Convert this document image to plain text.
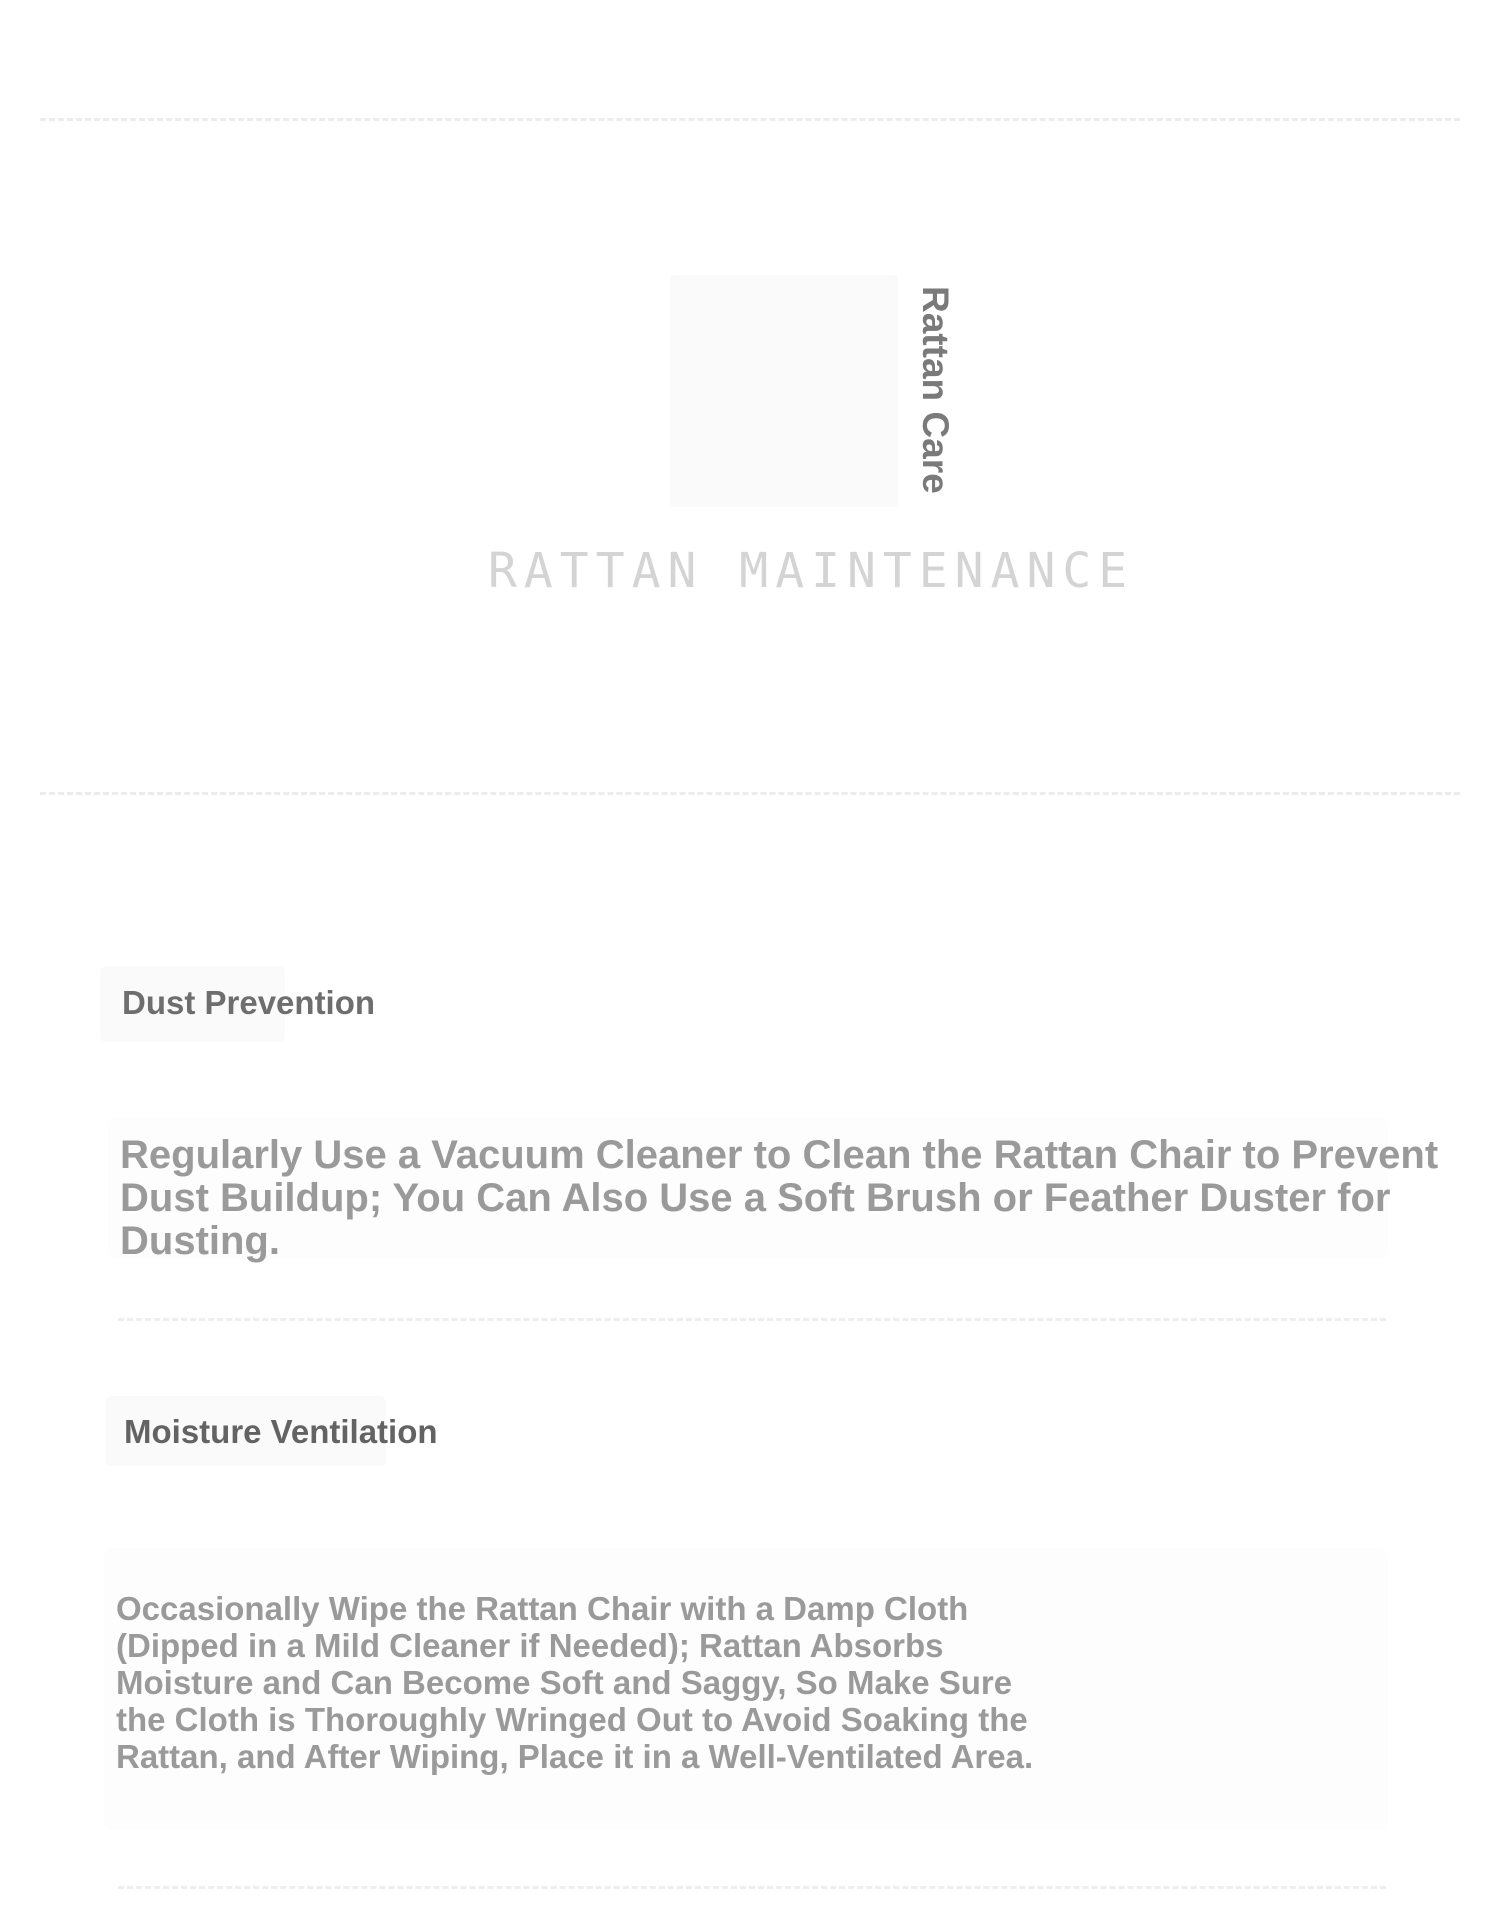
Rattan Care
RATTAN MAINTENANCE
Dust Prevention
Regularly Use a Vacuum Cleaner to Clean the Rattan Chair to Prevent Dust Buildup; You Can Also Use a Soft Brush or Feather Duster for Dusting.
Moisture Ventilation
Occasionally Wipe the Rattan Chair with a Damp Cloth (Dipped in a Mild Cleaner if Needed); Rattan Absorbs Moisture and Can Become Soft and Saggy, So Make Sure the Cloth is Thoroughly Wringed Out to Avoid Soaking the Rattan, and After Wiping, Place it in a Well-Ventilated Area.
